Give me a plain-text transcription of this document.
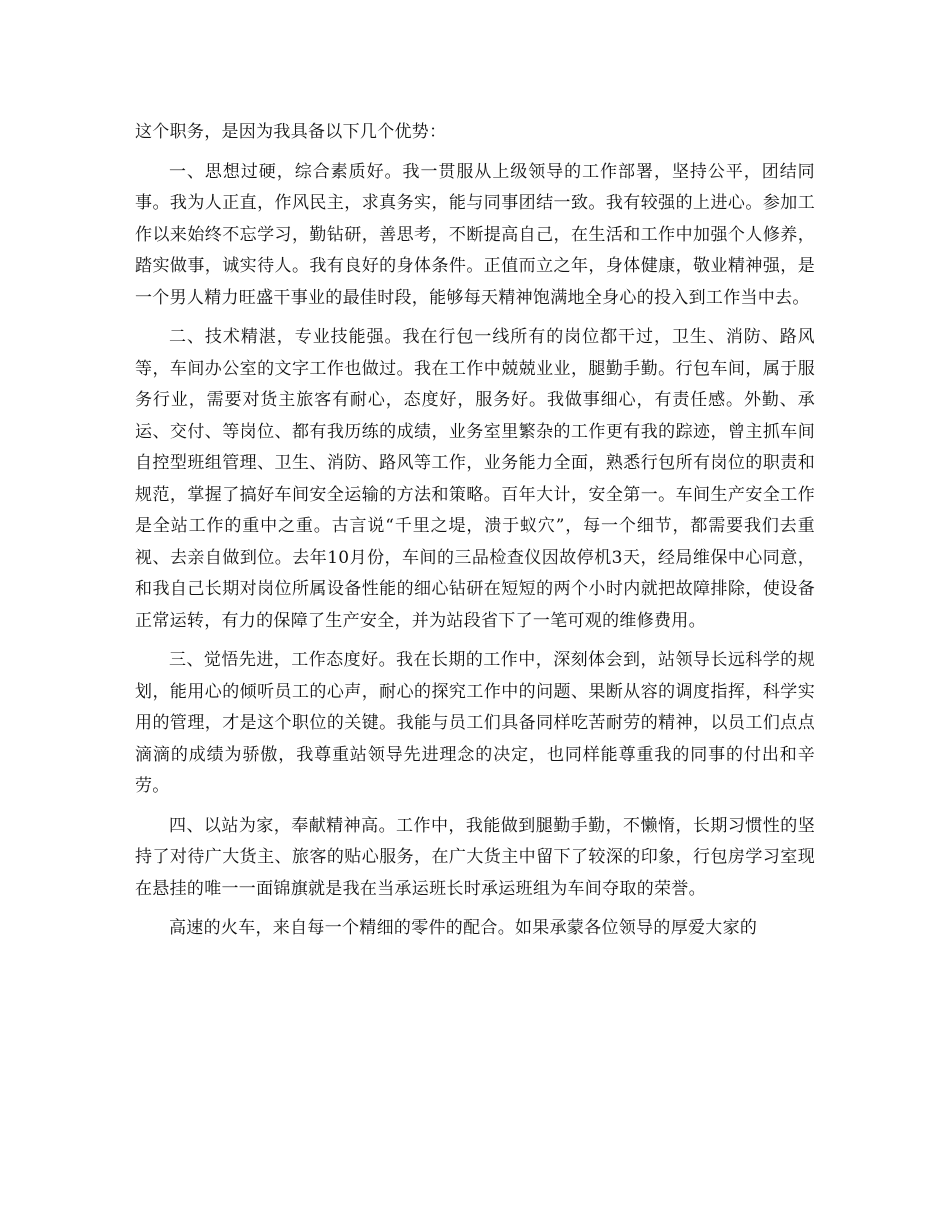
这个职务，是因为我具备以下几个优势：

一、思想过硬，综合素质好。我一贯服从上级领导的工作部署，坚持公平，团结同事。我为人正直，作风民主，求真务实，能与同事团结一致。我有较强的上进心。参加工作以来始终不忘学习，勤钻研，善思考，不断提高自己，在生活和工作中加强个人修养，踏实做事，诚实待人。我有良好的身体条件。正值而立之年，身体健康，敬业精神强，是一个男人精力旺盛干事业的最佳时段，能够每天精神饱满地全身心的投入到工作当中去。

二、技术精湛，专业技能强。我在行包一线所有的岗位都干过，卫生、消防、路风等，车间办公室的文字工作也做过。我在工作中兢兢业业，腿勤手勤。行包车间，属于服务行业，需要对货主旅客有耐心，态度好，服务好。我做事细心，有责任感。外勤、承运、交付、等岗位、都有我历练的成绩，业务室里繁杂的工作更有我的踪迹，曾主抓车间自控型班组管理、卫生、消防、路风等工作，业务能力全面，熟悉行包所有岗位的职责和规范，掌握了搞好车间安全运输的方法和策略。百年大计，安全第一。车间生产安全工作是全站工作的重中之重。古言说“千里之堤，溃于蚁穴”，每一个细节，都需要我们去重视、去亲自做到位。去年10月份，车间的三品检查仪因故停机3天，经局维保中心同意，和我自己长期对岗位所属设备性能的细心钻研在短短的两个小时内就把故障排除，使设备正常运转，有力的保障了生产安全，并为站段省下了一笔可观的维修费用。

三、觉悟先进，工作态度好。我在长期的工作中，深刻体会到，站领导长远科学的规划，能用心的倾听员工的心声，耐心的探究工作中的问题、果断从容的调度指挥，科学实用的管理，才是这个职位的关键。我能与员工们具备同样吃苦耐劳的精神，以员工们点点滴滴的成绩为骄傲，我尊重站领导先进理念的决定，也同样能尊重我的同事的付出和辛劳。

四、以站为家，奉献精神高。工作中，我能做到腿勤手勤，不懒惰，长期习惯性的坚持了对待广大货主、旅客的贴心服务，在广大货主中留下了较深的印象，行包房学习室现在悬挂的唯一一面锦旗就是我在当承运班长时承运班组为车间夺取的荣誉。

高速的火车，来自每一个精细的零件的配合。如果承蒙各位领导的厚爱大家的
